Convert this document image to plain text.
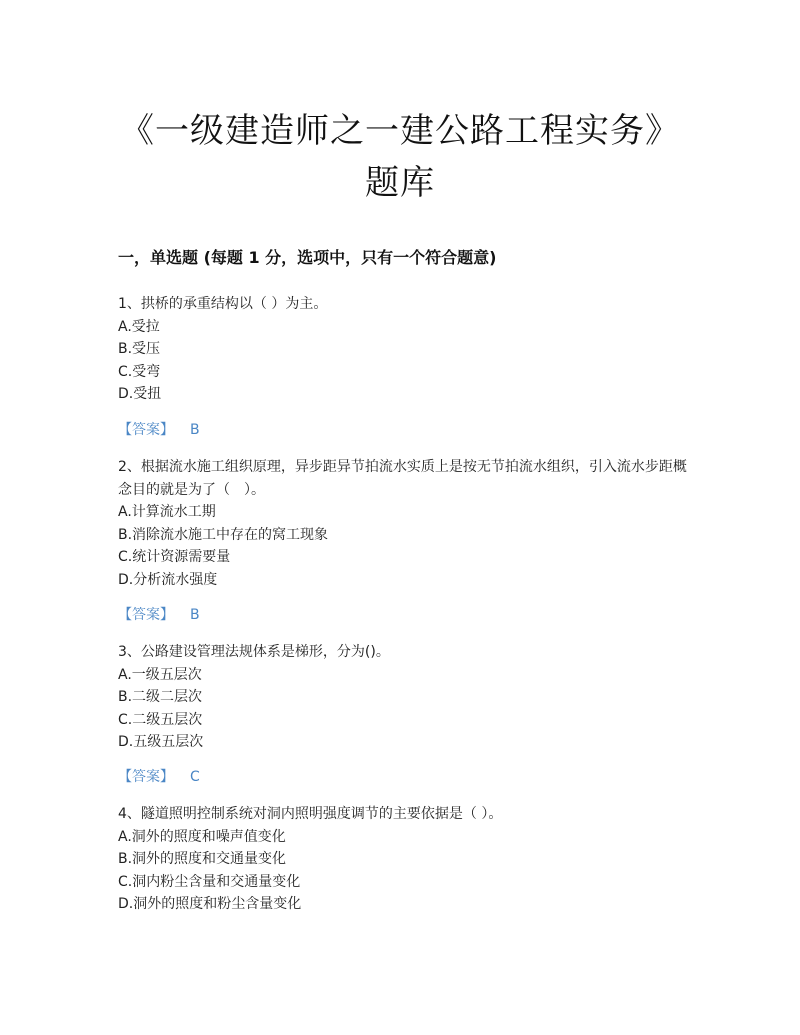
《一级建造师之一建公路工程实务》
题库
一，单选题 (每题 1 分，选项中，只有一个符合题意)

1、拱桥的承重结构以（ ）为主。

A.受拉

B.受压

C.受弯

D.受扭

【答案】 B

2、根据流水施工组织原理，异步距异节拍流水实质上是按无节拍流水组织，引入流水步距概念目的就是为了（　）。

A.计算流水工期

B.消除流水施工中存在的窝工现象

C.统计资源需要量

D.分析流水强度

【答案】 B

3、公路建设管理法规体系是梯形，分为()。

A.一级五层次

B.二级二层次

C.二级五层次

D.五级五层次

【答案】 C

4、隧道照明控制系统对洞内照明强度调节的主要依据是（ ）。

A.洞外的照度和噪声值变化

B.洞外的照度和交通量变化

C.洞内粉尘含量和交通量变化

D.洞外的照度和粉尘含量变化
